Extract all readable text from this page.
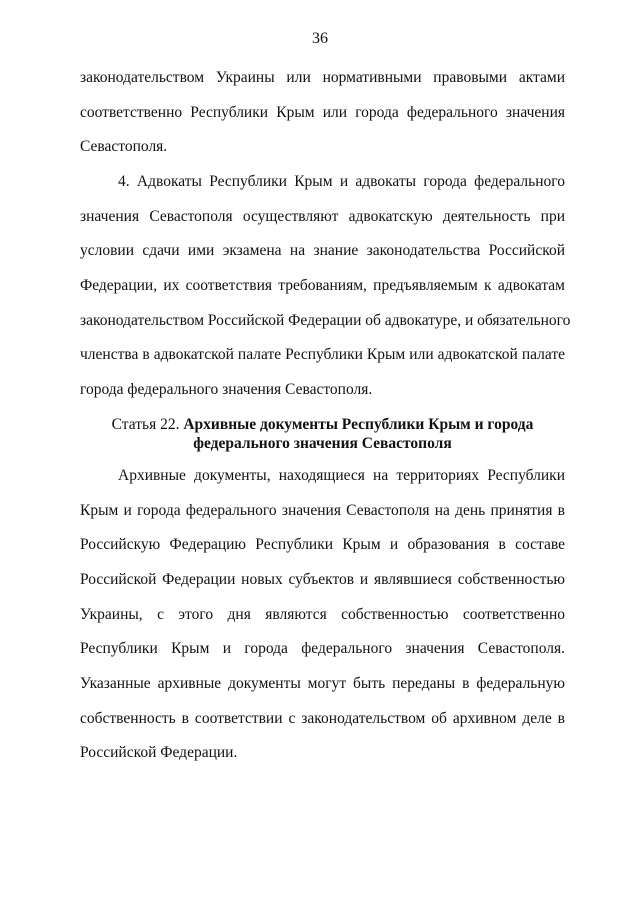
36
законодательством Украины или нормативными правовыми актами
соответственно Республики Крым или города федерального значения
Севастополя.
4. Адвокаты Республики Крым и адвокаты города федерального
значения Севастополя осуществляют адвокатскую деятельность при
условии сдачи ими экзамена на знание законодательства Российской
Федерации, их соответствия требованиям, предъявляемым к адвокатам
законодательством Российской Федерации об адвокатуре, и обязательного
членства в адвокатской палате Республики Крым или адвокатской палате
города федерального значения Севастополя.
Статья 22. Архивные документы Республики Крым и города
федерального значения Севастополя
Архивные документы, находящиеся на территориях Республики
Крым и города федерального значения Севастополя на день принятия в
Российскую Федерацию Республики Крым и образования в составе
Российской Федерации новых субъектов и являвшиеся собственностью
Украины, с этого дня являются собственностью соответственно
Республики Крым и города федерального значения Севастополя.
Указанные архивные документы могут быть переданы в федеральную
собственность в соответствии с законодательством об архивном деле в
Российской Федерации.
